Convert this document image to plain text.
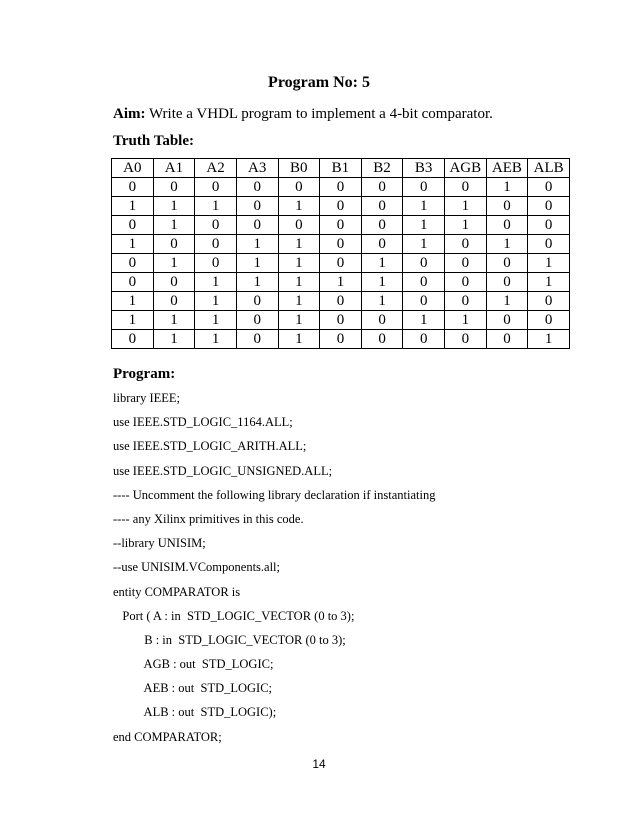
Program No: 5
Aim: Write a VHDL program to implement a 4-bit comparator.
Truth Table:
A0	A1	A2	A3	B0	B1	B2	B3	AGB	AEB	ALB
0	0	0	0	0	0	0	0	0	1	0
1	1	1	0	1	0	0	1	1	0	0
0	1	0	0	0	0	0	1	1	0	0
1	0	0	1	1	0	0	1	0	1	0
0	1	0	1	1	0	1	0	0	0	1
0	0	1	1	1	1	1	0	0	0	1
1	0	1	0	1	0	1	0	0	1	0
1	1	1	0	1	0	0	1	1	0	0
0	1	1	0	1	0	0	0	0	0	1
Program:
library IEEE;
use IEEE.STD_LOGIC_1164.ALL;
use IEEE.STD_LOGIC_ARITH.ALL;
use IEEE.STD_LOGIC_UNSIGNED.ALL;
---- Uncomment the following library declaration if instantiating
---- any Xilinx primitives in this code.
--library UNISIM;
--use UNISIM.VComponents.all;
entity COMPARATOR is
Port ( A : in  STD_LOGIC_VECTOR (0 to 3);
B : in  STD_LOGIC_VECTOR (0 to 3);
AGB : out  STD_LOGIC;
AEB : out  STD_LOGIC;
ALB : out  STD_LOGIC);
end COMPARATOR;
14
